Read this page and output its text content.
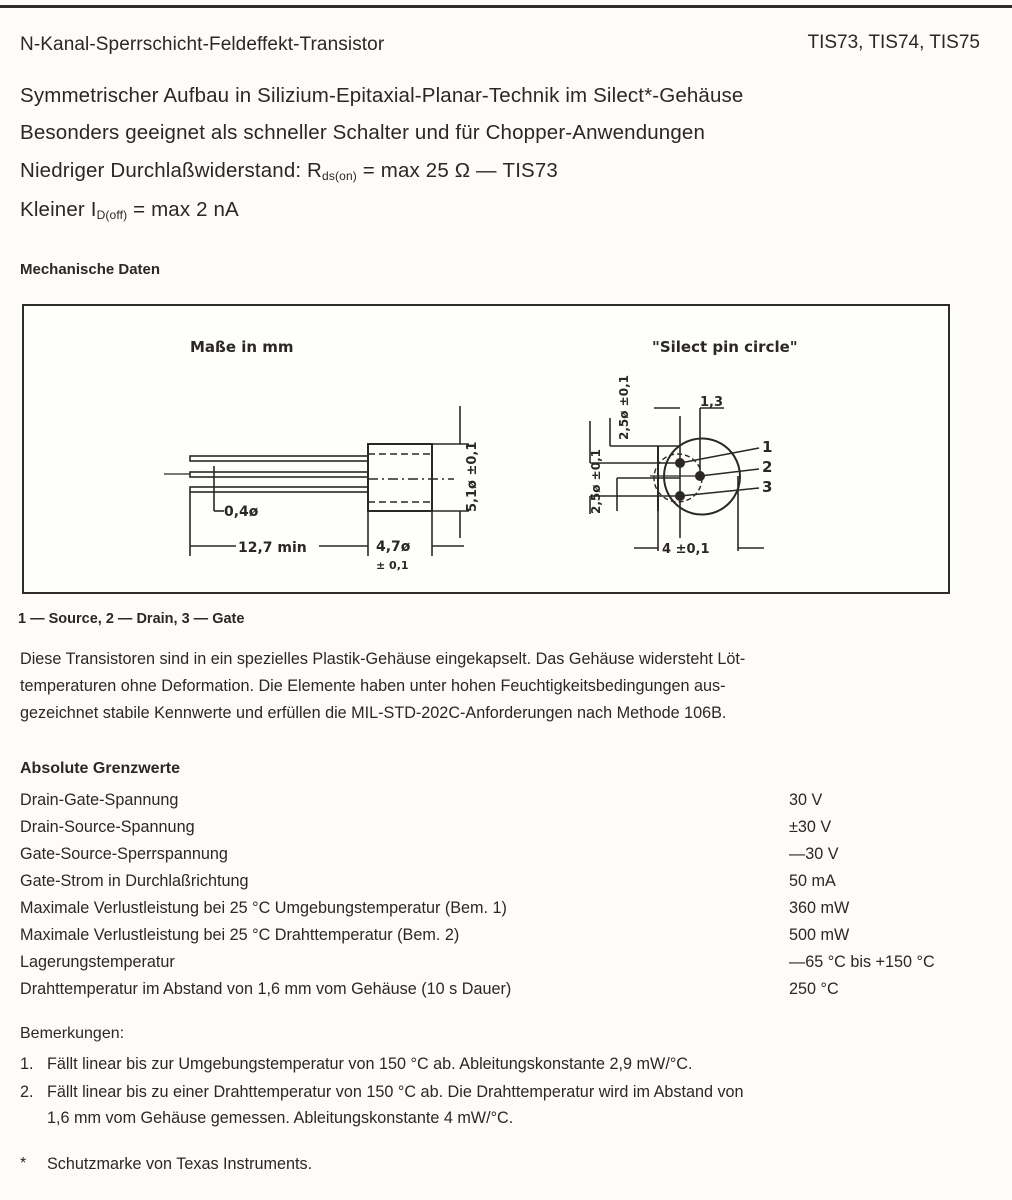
N-Kanal-Sperrschicht-Feldeffekt-Transistor	TIS73, TIS74, TIS75
Symmetrischer Aufbau in Silizium-Epitaxial-Planar-Technik im Silect*-Gehäuse
Besonders geeignet als schneller Schalter und für Chopper-Anwendungen
Niedriger Durchlaßwiderstand: $R_{ds(on)} = \max 25$ Ω — TIS73
Kleiner $I_{D(off)} = \max 2$ nA
Mechanische Daten
Maße in mm
0,4ø
12,7 min	4,7ø
± 0,1
5,1ø ±0,1
"Silect pin circle"
2,5ø ±0,1
2,5ø ±0,1
1,3
4 ±0,1
1
2
3
1 — Source, 2 — Drain, 3 — Gate
Diese Transistoren sind in ein spezielles Plastik-Gehäuse eingekapselt. Das Gehäuse widersteht Löt-
temperaturen ohne Deformation. Die Elemente haben unter hohen Feuchtigkeitsbedingungen aus-
gezeichnet stabile Kennwerte und erfüllen die MIL-STD-202C-Anforderungen nach Methode 106B.
Absolute Grenzwerte
Drain-Gate-Spannung	30 V
Drain-Source-Spannung	±30 V
Gate-Source-Sperrspannung	—30 V
Gate-Strom in Durchlaßrichtung	50 mA
Maximale Verlustleistung bei 25 °C Umgebungstemperatur (Bem. 1)	360 mW
Maximale Verlustleistung bei 25 °C Drahttemperatur (Bem. 2)	500 mW
Lagerungstemperatur	—65 °C bis +150 °C
Drahttemperatur im Abstand von 1,6 mm vom Gehäuse (10 s Dauer)	250 °C
Bemerkungen:
1. Fällt linear bis zur Umgebungstemperatur von 150 °C ab. Ableitungskonstante 2,9 mW/°C.
2. Fällt linear bis zu einer Drahttemperatur von 150 °C ab. Die Drahttemperatur wird im Abstand von
1,6 mm vom Gehäuse gemessen. Ableitungskonstante 4 mW/°C.
* Schutzmarke von Texas Instruments.
